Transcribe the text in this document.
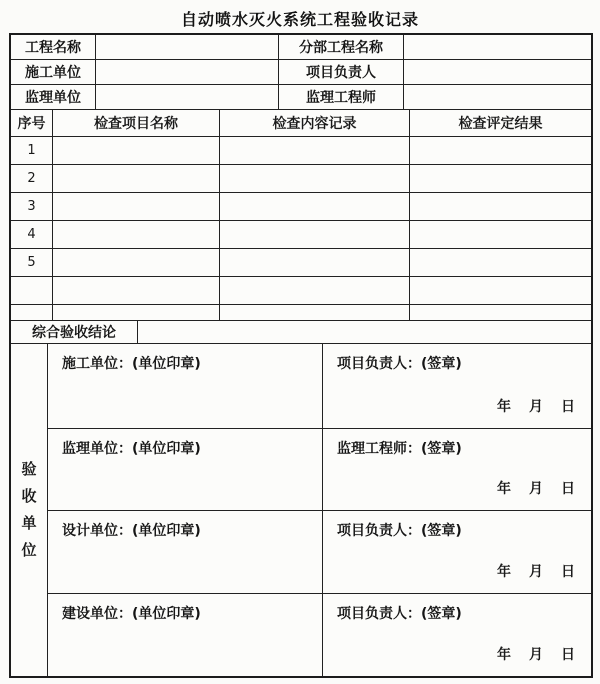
自动喷水灭火系统工程验收记录
工程名称	分部工程名称
施工单位	项目负责人
监理单位	监理工程师
序号	检查项目名称	检查内容记录	检查评定结果
1
2
3
4
5
综合验收结论
验收单位
施工单位：(单位印章)	项目负责人：(签章)
年　月　日
监理单位：(单位印章)	监理工程师：(签章)
年　月　日
设计单位：(单位印章)	项目负责人：(签章)
年　月　日
建设单位：(单位印章)	项目负责人：(签章)
年　月　日
